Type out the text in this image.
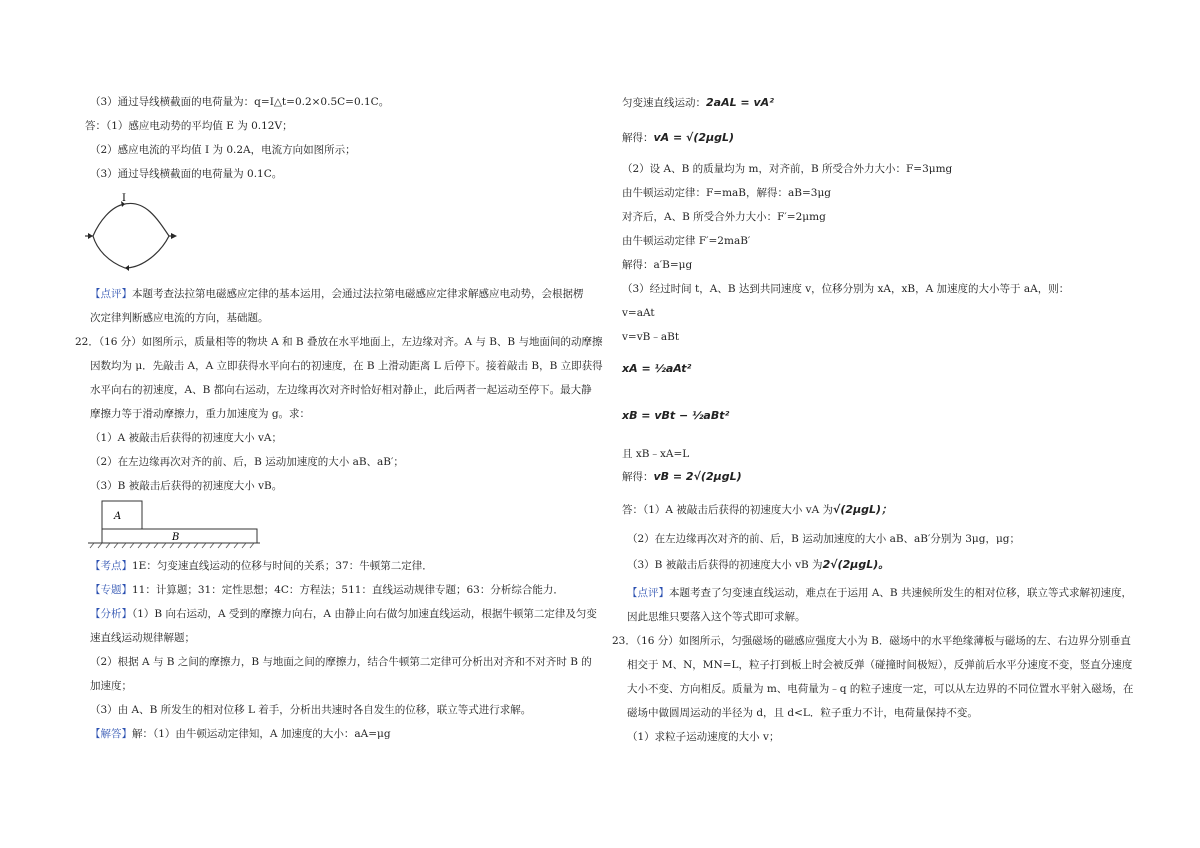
（3）通过导线横截面的电荷量为：q=I△t=0.2×0.5C=0.1C。
答：（1）感应电动势的平均值 E 为 0.12V；
（2）感应电流的平均值 I 为 0.2A，电流方向如图所示；
（3）通过导线横截面的电荷量为 0.1C。
I
【点评】本题考查法拉第电磁感应定律的基本运用，会通过法拉第电磁感应定律求解感应电动势，会根据楞
次定律判断感应电流的方向，基础题。
22．（16 分）如图所示，质量相等的物块 A 和 B 叠放在水平地面上，左边缘对齐。A 与 B、B 与地面间的动摩擦
因数均为 μ．先敲击 A，A 立即获得水平向右的初速度，在 B 上滑动距离 L 后停下。接着敲击 B，B 立即获得
水平向右的初速度，A、B 都向右运动，左边缘再次对齐时恰好相对静止，此后两者一起运动至停下。最大静
摩擦力等于滑动摩擦力，重力加速度为 g。求：
（1）A 被敲击后获得的初速度大小 vA；
（2）在左边缘再次对齐的前、后，B 运动加速度的大小 aB、aB′；
（3）B 被敲击后获得的初速度大小 vB。
A
B
【考点】1E：匀变速直线运动的位移与时间的关系；37：牛顿第二定律．
【专题】11：计算题；31：定性思想；4C：方程法；511：直线运动规律专题；63：分析综合能力．
【分析】（1）B 向右运动，A 受到的摩擦力向右，A 由静止向右做匀加速直线运动，根据牛顿第二定律及匀变
速直线运动规律解题；
（2）根据 A 与 B 之间的摩擦力，B 与地面之间的摩擦力，结合牛顿第二定律可分析出对齐和不对齐时 B 的
加速度；
（3）由 A、B 所发生的相对位移 L 着手，分析出共速时各自发生的位移，联立等式进行求解。
【解答】解：（1）由牛顿运动定律知，A 加速度的大小：aA=μg
匀变速直线运动：2aAL = vA²
解得：vA = √(2μgL)
（2）设 A、B 的质量均为 m，对齐前，B 所受合外力大小：F=3μmg
由牛顿运动定律：F=maB，解得：aB=3μg
对齐后，A、B 所受合外力大小：F′=2μmg
由牛顿运动定律 F′=2maB′
解得：a′B=μg
（3）经过时间 t，A、B 达到共同速度 v，位移分别为 xA，xB，A 加速度的大小等于 aA，则：
v=aAt
v=vB﹣aBt
xA = ½aAt²
xB = vBt − ½aBt²
且 xB﹣xA=L
解得：vB = 2√(2μgL)
答：（1）A 被敲击后获得的初速度大小 vA 为√(2μgL)；
（2）在左边缘再次对齐的前、后，B 运动加速度的大小 aB、aB′分别为 3μg，μg；
（3）B 被敲击后获得的初速度大小 vB 为2√(2μgL)。
【点评】本题考查了匀变速直线运动，难点在于运用 A、B 共速候所发生的相对位移，联立等式求解初速度，
因此思维只要落入这个等式即可求解。
23．（16 分）如图所示，匀强磁场的磁感应强度大小为 B．磁场中的水平绝缘薄板与磁场的左、右边界分别垂直
相交于 M、N，MN=L，粒子打到板上时会被反弹（碰撞时间极短），反弹前后水平分速度不变，竖直分速度
大小不变、方向相反。质量为 m、电荷量为﹣q 的粒子速度一定，可以从左边界的不同位置水平射入磁场，在
磁场中做圆周运动的半径为 d，且 d<L．粒子重力不计，电荷量保持不变。
（1）求粒子运动速度的大小 v；
